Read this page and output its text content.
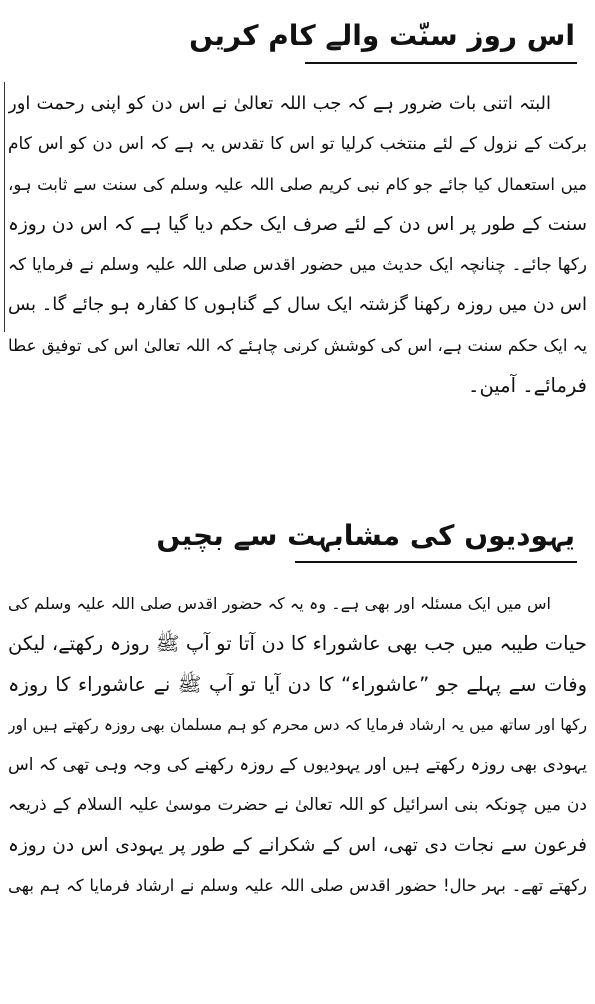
اس روز سنّت والے کام کریں
البتہ اتنی بات ضرور ہے کہ جب اللہ تعالیٰ نے اس دن کو اپنی رحمت اور
برکت کے نزول کے لئے منتخب کرلیا تو اس کا تقدس یہ ہے کہ اس دن کو اس کام
میں استعمال کیا جائے جو کام نبی کریم صلی اللہ علیہ وسلم کی سنت سے ثابت ہو،
سنت کے طور پر اس دن کے لئے صرف ایک حکم دیا گیا ہے کہ اس دن روزہ
رکھا جائے۔ چنانچہ ایک حدیث میں حضور اقدس صلی اللہ علیہ وسلم نے فرمایا کہ
اس دن میں روزہ رکھنا گزشتہ ایک سال کے گناہوں کا کفارہ ہو جائے گا۔ بس
یہ ایک حکم سنت ہے، اس کی کوشش کرنی چاہئے کہ اللہ تعالیٰ اس کی توفیق عطا
فرمائے۔ آمین۔
یہودیوں کی مشابہت سے بچیں
اس میں ایک مسئلہ اور بھی ہے۔ وہ یہ کہ حضور اقدس صلی اللہ علیہ وسلم کی
حیات طیبہ میں جب بھی عاشوراء کا دن آتا تو آپ ﷺ روزہ رکھتے، لیکن
وفات سے پہلے جو ”عاشوراء“ کا دن آیا تو آپ ﷺ نے عاشوراء کا روزہ
رکھا اور ساتھ میں یہ ارشاد فرمایا کہ دس محرم کو ہم مسلمان بھی روزہ رکھتے ہیں اور
یہودی بھی روزہ رکھتے ہیں اور یہودیوں کے روزہ رکھنے کی وجہ وہی تھی کہ اس
دن میں چونکہ بنی اسرائیل کو اللہ تعالیٰ نے حضرت موسیٰ علیہ السلام کے ذریعہ
فرعون سے نجات دی تھی، اس کے شکرانے کے طور پر یہودی اس دن روزہ
رکھتے تھے۔ بہر حال! حضور اقدس صلی اللہ علیہ وسلم نے ارشاد فرمایا کہ ہم بھی
